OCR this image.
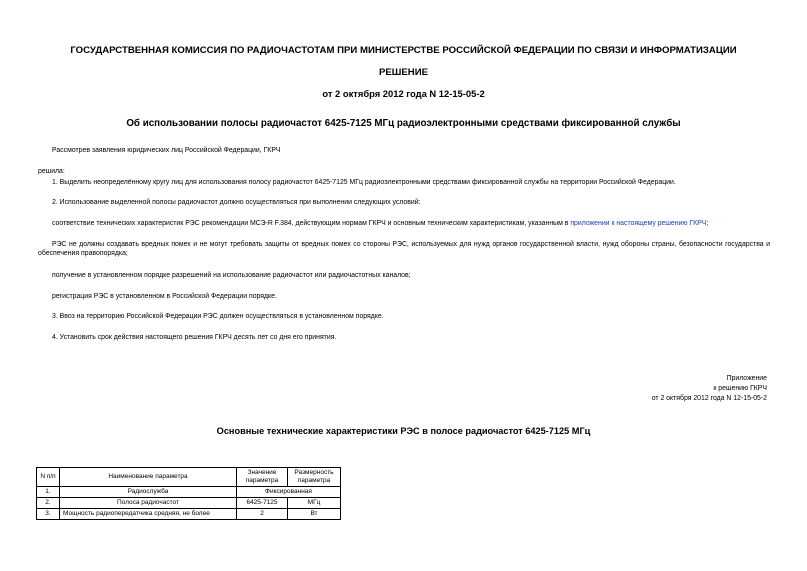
ГОСУДАРСТВЕННАЯ КОМИССИЯ ПО РАДИОЧАСТОТАМ ПРИ МИНИСТЕРСТВЕ РОССИЙСКОЙ ФЕДЕРАЦИИ ПО СВЯЗИ И ИНФОРМАТИЗАЦИИ
РЕШЕНИЕ
от 2 октября 2012 года N 12-15-05-2
Об использовании полосы радиочастот 6425-7125 МГц радиоэлектронными средствами фиксированной службы
Рассмотрев заявления юридических лиц Российской Федерации, ГКРЧ
решила:
1. Выделить неопределённому кругу лиц для использования полосу радиочастот 6425-7125 МГц радиоэлектронными средствами фиксированной службы на территории Российской Федерации.
2. Использование выделенной полосы радиочастот должно осуществляться при выполнении следующих условий:
соответствие технических характеристик РЭС рекомендации МСЭ-R F.384, действующим нормам ГКРЧ и основным техническим характеристикам, указанным в приложении к настоящему решению ГКРЧ;
РЭС не должны создавать вредных помех и не могут требовать защиты от вредных помех со стороны РЭС, используемых для нужд органов государственной власти, нужд обороны страны, безопасности государства и обеспечения правопорядка;
получение в установленном порядке разрешений на использование радиочастот или радиочастотных каналов;
регистрация РЭС в установленном в Российской Федерации порядке.
3. Ввоз на территорию Российской Федерации РЭС должен осуществляться в установленном порядке.
4. Установить срок действия настоящего решения ГКРЧ десять лет со дня его принятия.
Приложение
к решению ГКРЧ
от 2 октября 2012 года N 12-15-05-2
Основные технические характеристики РЭС в полосе радиочастот 6425-7125 МГц
N п/п	Наименование параметра	Значение параметра	Размерность параметра
1.	Радиослужба	Фиксированная	
2.	Полоса радиочастот	6425-7125	МГц
3.	Мощность радиопередатчика средняя, не более	2	Вт
